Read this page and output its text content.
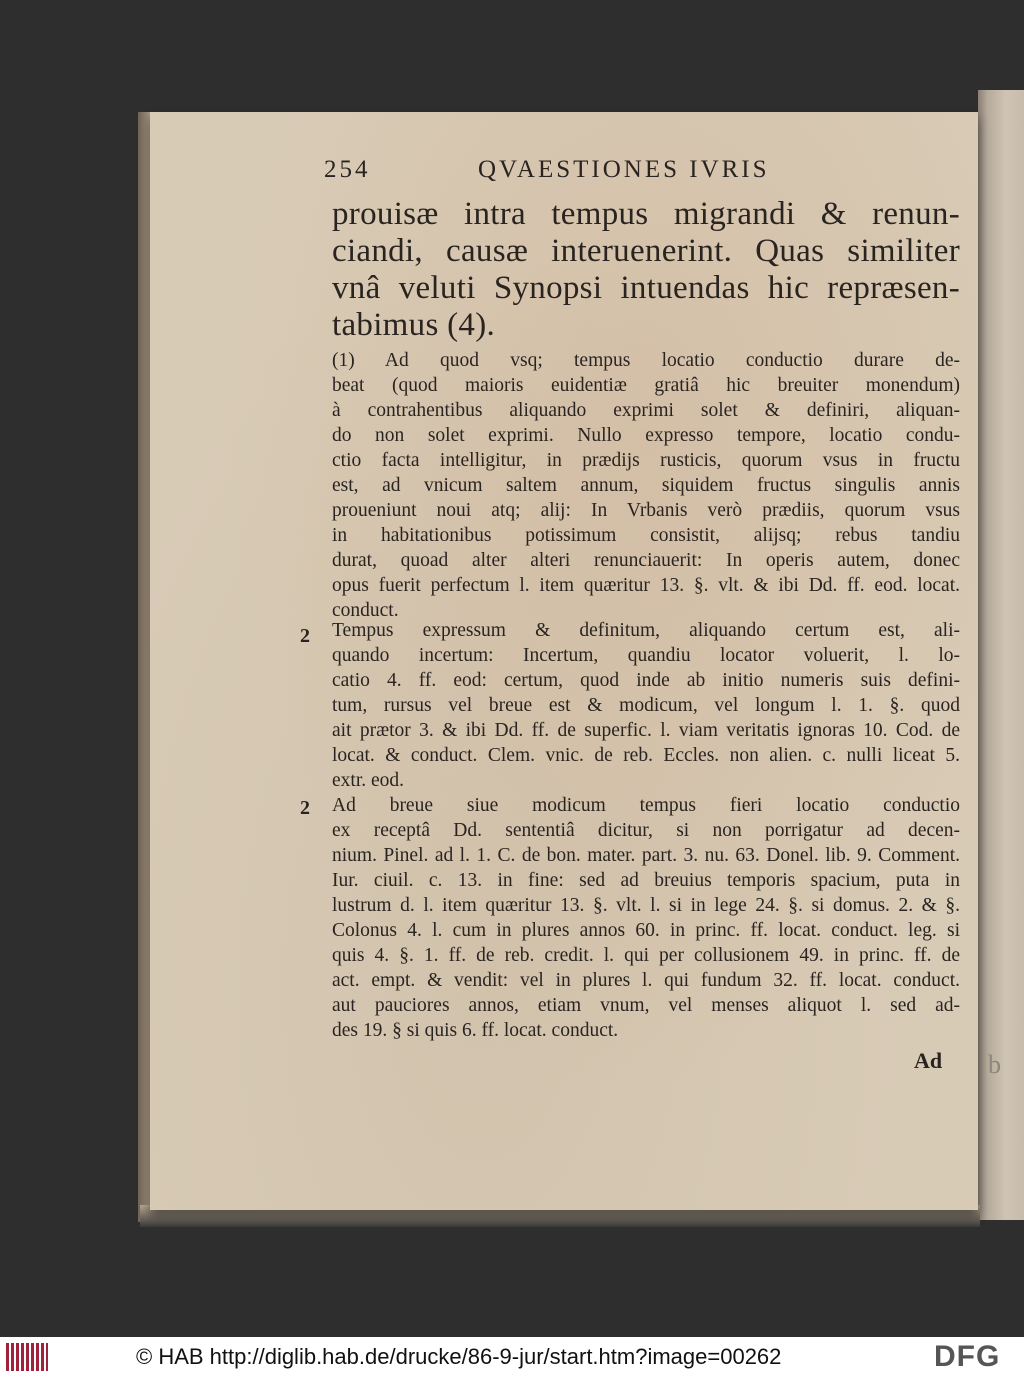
b
254	QVAESTIONES IVRIS
prouisæ intra tempus migrandi & renun-
ciandi, causæ interuenerint. Quas similiter
vnâ veluti Synopsi intuendas hic repræsen-
tabimus (4).
(1) Ad quod vsq; tempus locatio conductio durare de-
beat (quod maioris euidentiæ gratiâ hic breuiter monendum)
à contrahentibus aliquando exprimi solet & definiri, aliquan-
do non solet exprimi. Nullo expresso tempore, locatio condu-
ctio facta intelligitur, in prædijs rusticis, quorum vsus in fructu
est, ad vnicum saltem annum, siquidem fructus singulis annis
proueniunt noui atq; alij: In Vrbanis verò prædiis, quorum vsus
in habitationibus potissimum consistit, alijsq; rebus tandiu
durat, quoad alter alteri renunciauerit: In operis autem, donec
opus fuerit perfectum l. item quæritur 13. §. vlt. & ibi Dd. ff. eod. locat.
conduct.
2 Tempus expressum & definitum, aliquando certum est, ali-
quando incertum: Incertum, quandiu locator voluerit, l. lo-
catio 4. ff. eod: certum, quod inde ab initio numeris suis defini-
tum, rursus vel breue est & modicum, vel longum l. 1. §. quod
ait prætor 3. & ibi Dd. ff. de superfic. l. viam veritatis ignoras 10. Cod. de
locat. & conduct. Clem. vnic. de reb. Eccles. non alien. c. nulli liceat 5.
extr. eod.
2 Ad breue siue modicum tempus fieri locatio conductio
ex receptâ Dd. sententiâ dicitur, si non porrigatur ad decen-
nium. Pinel. ad l. 1. C. de bon. mater. part. 3. nu. 63. Donel. lib. 9. Comment.
Iur. ciuil. c. 13. in fine: sed ad breuius temporis spacium, puta in
lustrum d. l. item quæritur 13. §. vlt. l. si in lege 24. §. si domus. 2. & §.
Colonus 4. l. cum in plures annos 60. in princ. ff. locat. conduct. leg. si
quis 4. §. 1. ff. de reb. credit. l. qui per collusionem 49. in princ. ff. de
act. empt. & vendit: vel in plures l. qui fundum 32. ff. locat. conduct.
aut pauciores annos, etiam vnum, vel menses aliquot l. sed ad-
des 19. § si quis 6. ff. locat. conduct.
Ad
© HAB http://diglib.hab.de/drucke/86-9-jur/start.htm?image=00262	DFG
